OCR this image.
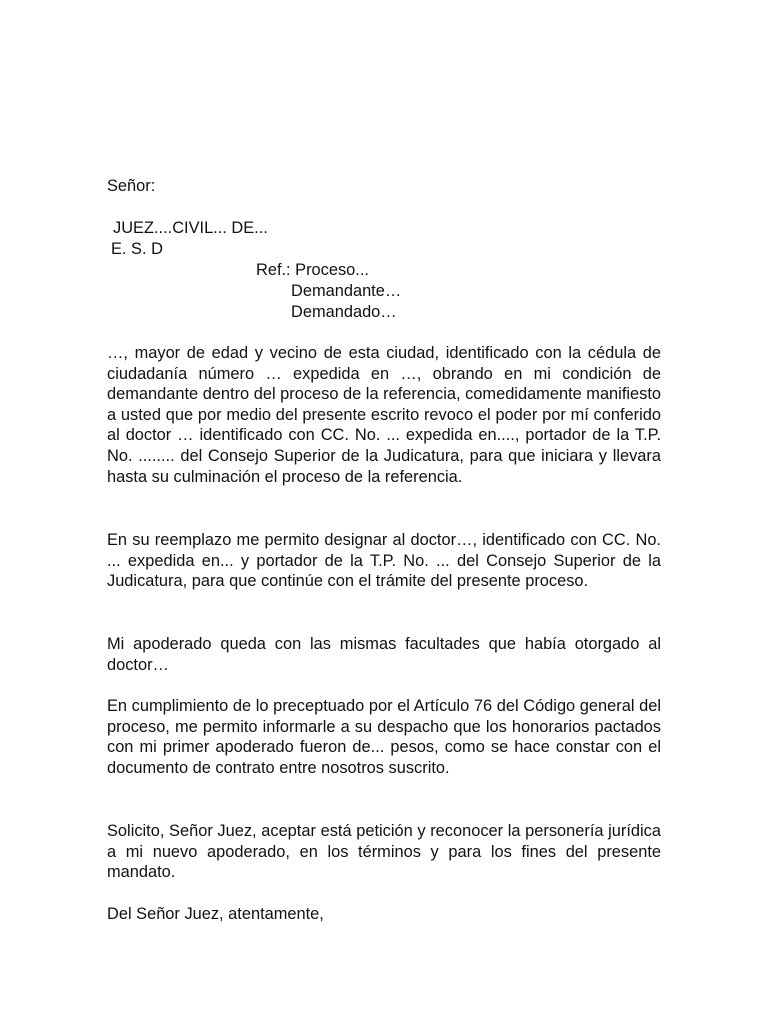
Señor:
JUEZ....CIVIL... DE...
E. S. D
Ref.: Proceso...
Demandante…
Demandado…

…, mayor de edad y vecino de esta ciudad, identificado con la cédula de ciudadanía número … expedida en …, obrando en mi condición de demandante dentro del proceso de la referencia, comedidamente manifiesto a usted que por medio del presente escrito revoco el poder por mí conferido al doctor … identificado con CC. No. ... expedida en...., portador de la T.P. No. ........ del Consejo Superior de la Judicatura, para que iniciara y llevara hasta su culminación el proceso de la referencia.

En su reemplazo me permito designar al doctor…, identificado con CC. No. ... expedida en... y portador de la T.P. No. ... del Consejo Superior de la Judicatura, para que continúe con el trámite del presente proceso.

Mi apoderado queda con las mismas facultades que había otorgado al doctor…

En cumplimiento de lo preceptuado por el Artículo 76 del Código general del proceso, me permito informarle a su despacho que los honorarios pactados con mi primer apoderado fueron de... pesos, como se hace constar con el documento de contrato entre nosotros suscrito.

Solicito, Señor Juez, aceptar está petición y reconocer la personería jurídica a mi nuevo apoderado, en los términos y para los fines del presente mandato.

Del Señor Juez, atentamente,
